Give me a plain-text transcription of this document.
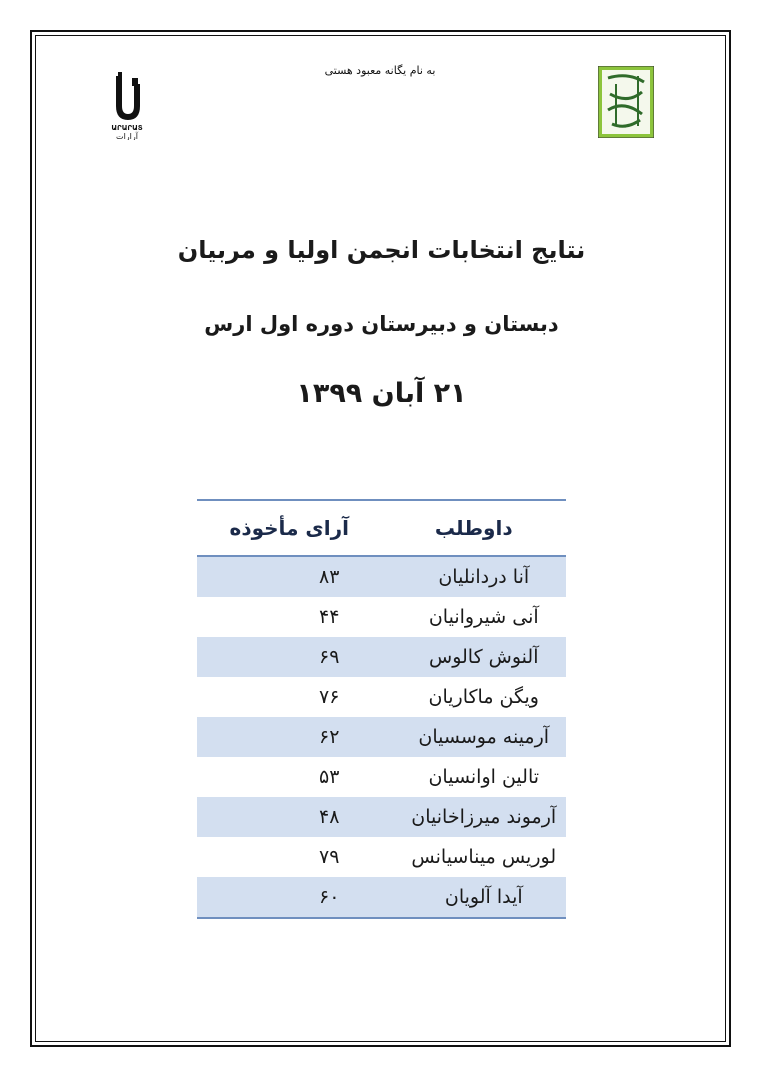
به نام یگانه معبود هستی
ԱՐԱՐԱՏ
آرارات
نتایج انتخابات انجمن اولیا و مربیان
دبستان و دبیرستان دوره اول ارس
۲۱ آبان ۱۳۹۹
داوطلب	آرای مأخوذه
آنا دردانلیان	۸۳
آنی شیروانیان	۴۴
آلنوش کالوس	۶۹
ویگن ماکاریان	۷۶
آرمینه موسسیان	۶۲
تالین اوانسیان	۵۳
آرموند میرزاخانیان	۴۸
لوریس میناسیانس	۷۹
آیدا آلویان	۶۰
